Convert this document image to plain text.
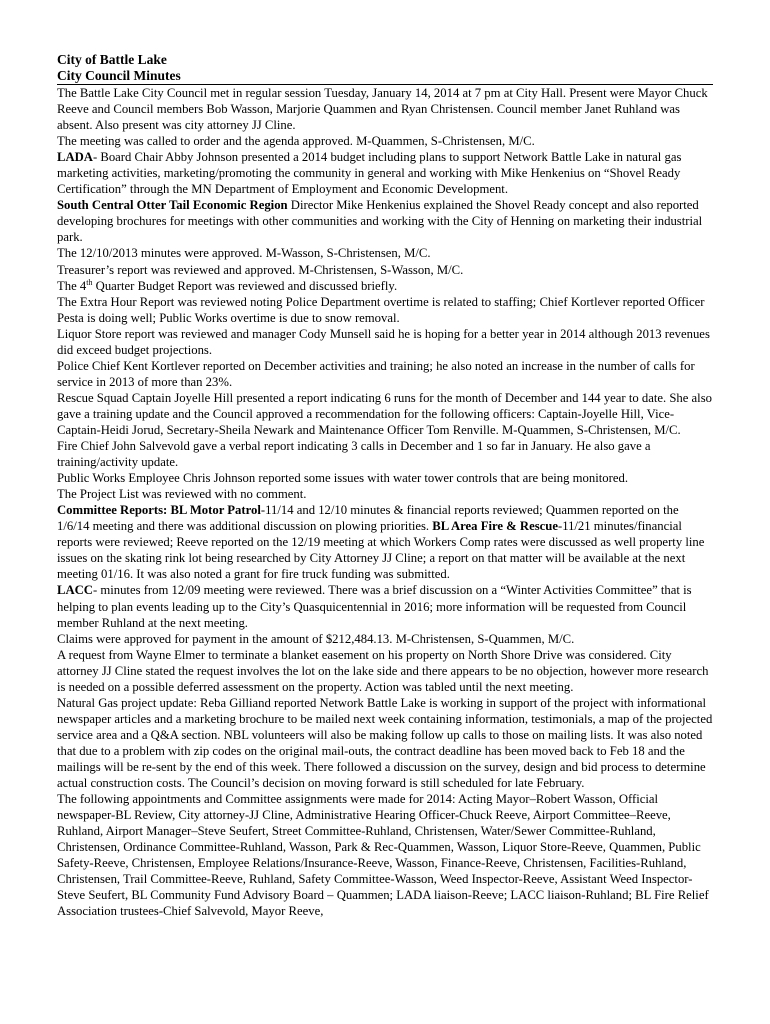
City of Battle Lake
City Council Minutes

The Battle Lake City Council met in regular session Tuesday, January 14, 2014 at 7 pm at City Hall. Present were Mayor Chuck Reeve and Council members Bob Wasson, Marjorie Quammen and Ryan Christensen. Council member Janet Ruhland was absent. Also present was city attorney JJ Cline.

The meeting was called to order and the agenda approved. M-Quammen, S-Christensen, M/C.

LADA- Board Chair Abby Johnson presented a 2014 budget including plans to support Network Battle Lake in natural gas marketing activities, marketing/promoting the community in general and working with Mike Henkenius on “Shovel Ready Certification” through the MN Department of Employment and Economic Development.

South Central Otter Tail Economic Region Director Mike Henkenius explained the Shovel Ready concept and also reported developing brochures for meetings with other communities and working with the City of Henning on marketing their industrial park.

The 12/10/2013 minutes were approved. M-Wasson, S-Christensen, M/C.

Treasurer’s report was reviewed and approved. M-Christensen, S-Wasson, M/C.

The 4th Quarter Budget Report was reviewed and discussed briefly.

The Extra Hour Report was reviewed noting Police Department overtime is related to staffing; Chief Kortlever reported Officer Pesta is doing well; Public Works overtime is due to snow removal.

Liquor Store report was reviewed and manager Cody Munsell said he is hoping for a better year in 2014 although 2013 revenues did exceed budget projections.

Police Chief Kent Kortlever reported on December activities and training; he also noted an increase in the number of calls for service in 2013 of more than 23%.

Rescue Squad Captain Joyelle Hill presented a report indicating 6 runs for the month of December and 144 year to date. She also gave a training update and the Council approved a recommendation for the following officers: Captain-Joyelle Hill, Vice-Captain-Heidi Jorud, Secretary-Sheila Newark and Maintenance Officer Tom Renville. M-Quammen, S-Christensen, M/C.

Fire Chief John Salvevold gave a verbal report indicating 3 calls in December and 1 so far in January. He also gave a training/activity update.

Public Works Employee Chris Johnson reported some issues with water tower controls that are being monitored.

The Project List was reviewed with no comment.

Committee Reports: BL Motor Patrol-11/14 and 12/10 minutes & financial reports reviewed; Quammen reported on the 1/6/14 meeting and there was additional discussion on plowing priorities. BL Area Fire & Rescue-11/21 minutes/financial reports were reviewed; Reeve reported on the 12/19 meeting at which Workers Comp rates were discussed as well property line issues on the skating rink lot being researched by City Attorney JJ Cline; a report on that matter will be available at the next meeting 01/16. It was also noted a grant for fire truck funding was submitted.

LACC- minutes from 12/09 meeting were reviewed. There was a brief discussion on a “Winter Activities Committee” that is helping to plan events leading up to the City’s Quasquicentennial in 2016; more information will be requested from Council member Ruhland at the next meeting.

Claims were approved for payment in the amount of $212,484.13. M-Christensen, S-Quammen, M/C.

A request from Wayne Elmer to terminate a blanket easement on his property on North Shore Drive was considered. City attorney JJ Cline stated the request involves the lot on the lake side and there appears to be no objection, however more research is needed on a possible deferred assessment on the property. Action was tabled until the next meeting.

Natural Gas project update: Reba Gilliand reported Network Battle Lake is working in support of the project with informational newspaper articles and a marketing brochure to be mailed next week containing information, testimonials, a map of the projected service area and a Q&A section. NBL volunteers will also be making follow up calls to those on mailing lists. It was also noted that due to a problem with zip codes on the original mail-outs, the contract deadline has been moved back to Feb 18 and the mailings will be re-sent by the end of this week. There followed a discussion on the survey, design and bid process to determine actual construction costs. The Council’s decision on moving forward is still scheduled for late February.

The following appointments and Committee assignments were made for 2014: Acting Mayor–Robert Wasson, Official newspaper-BL Review, City attorney-JJ Cline, Administrative Hearing Officer-Chuck Reeve, Airport Committee–Reeve, Ruhland, Airport Manager–Steve Seufert, Street Committee-Ruhland, Christensen, Water/Sewer Committee-Ruhland, Christensen, Ordinance Committee-Ruhland, Wasson, Park & Rec-Quammen, Wasson, Liquor Store-Reeve, Quammen, Public Safety-Reeve, Christensen, Employee Relations/Insurance-Reeve, Wasson, Finance-Reeve, Christensen, Facilities-Ruhland, Christensen, Trail Committee-Reeve, Ruhland, Safety Committee-Wasson, Weed Inspector-Reeve, Assistant Weed Inspector-Steve Seufert, BL Community Fund Advisory Board – Quammen; LADA liaison-Reeve; LACC liaison-Ruhland; BL Fire Relief Association trustees-Chief Salvevold, Mayor Reeve,
